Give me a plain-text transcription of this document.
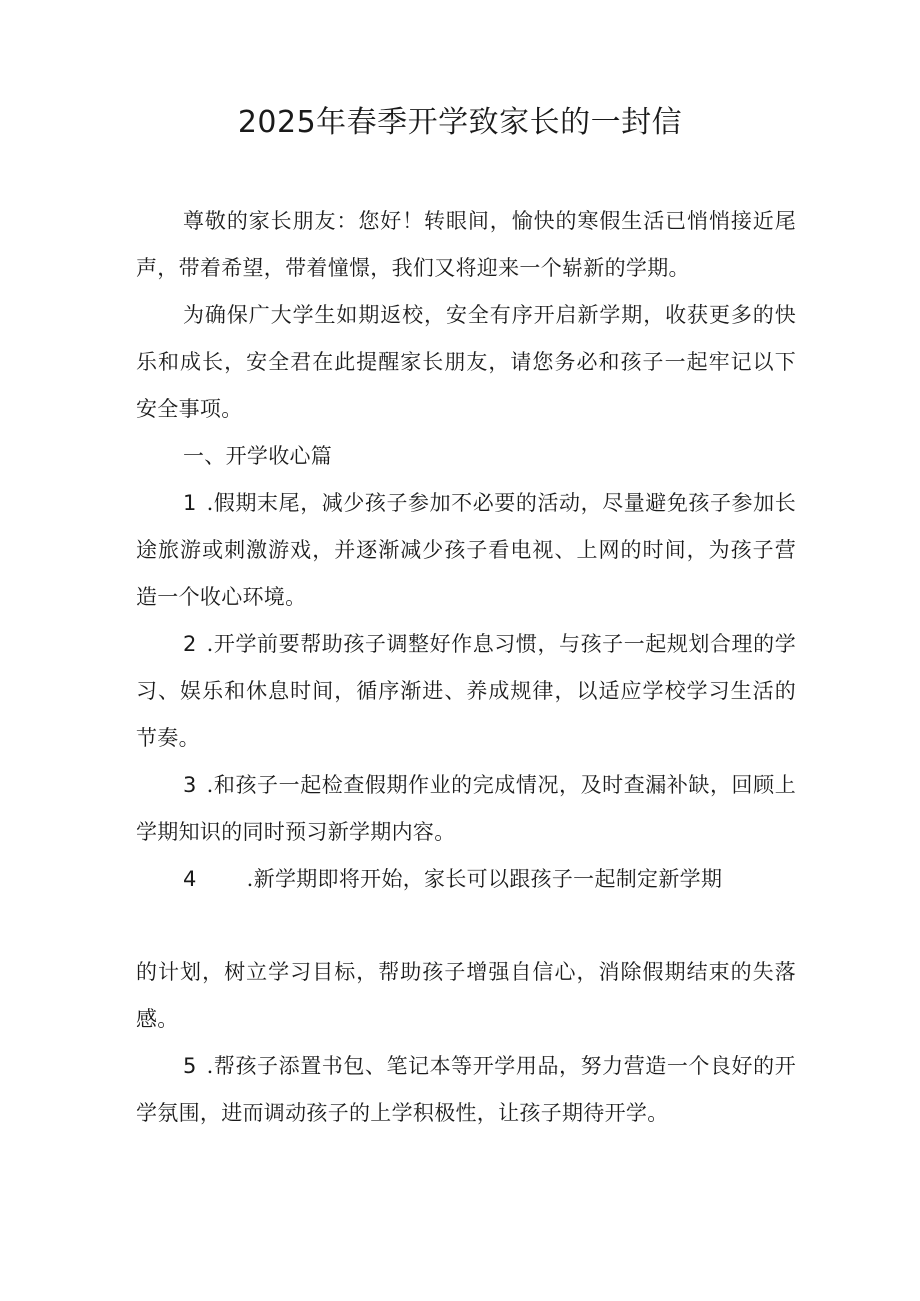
2025年春季开学致家长的一封信

尊敬的家长朋友：您好！转眼间，愉快的寒假生活已悄悄接近尾声，带着希望，带着憧憬，我们又将迎来一个崭新的学期。

为确保广大学生如期返校，安全有序开启新学期，收获更多的快乐和成长，安全君在此提醒家长朋友，请您务必和孩子一起牢记以下安全事项。

一、开学收心篇

1 .假期末尾，减少孩子参加不必要的活动，尽量避免孩子参加长途旅游或刺激游戏，并逐渐减少孩子看电视、上网的时间，为孩子营造一个收心环境。

2 .开学前要帮助孩子调整好作息习惯，与孩子一起规划合理的学习、娱乐和休息时间，循序渐进、养成规律，以适应学校学习生活的节奏。

3 .和孩子一起检查假期作业的完成情况，及时查漏补缺，回顾上学期知识的同时预习新学期内容。

4 .新学期即将开始，家长可以跟孩子一起制定新学期

的计划，树立学习目标，帮助孩子增强自信心，消除假期结束的失落感。

5 .帮孩子添置书包、笔记本等开学用品，努力营造一个良好的开学氛围，进而调动孩子的上学积极性，让孩子期待开学。
